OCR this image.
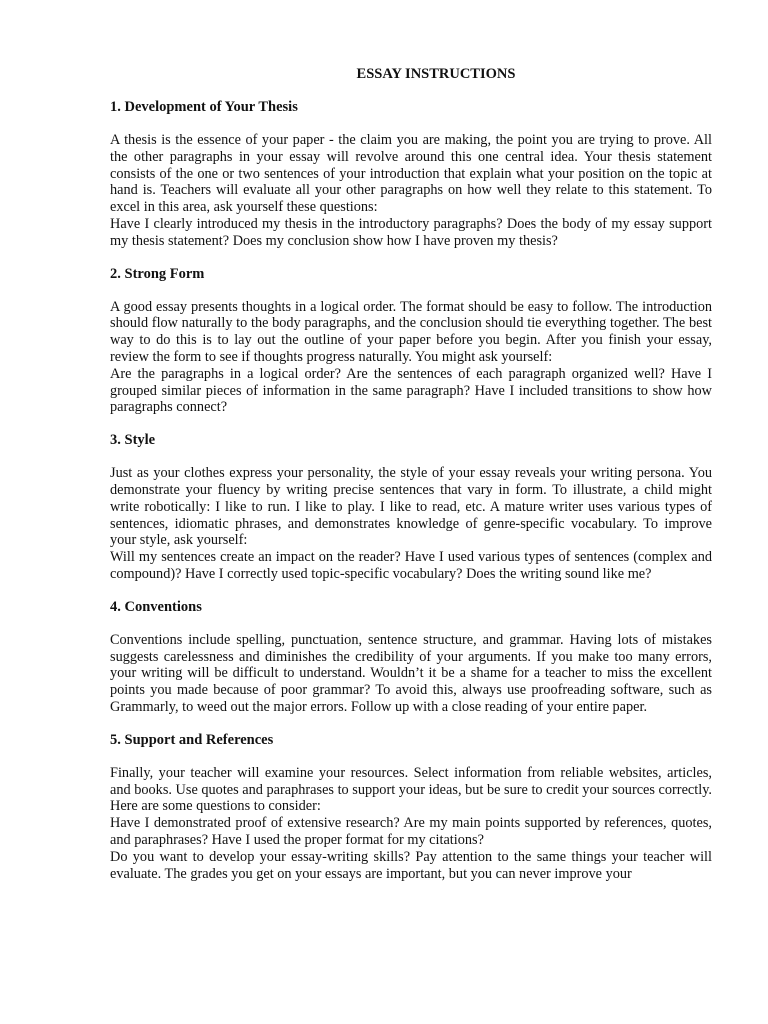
ESSAY INSTRUCTIONS
1. Development of Your Thesis

A thesis is the essence of your paper - the claim you are making, the point you are trying to prove. All the other paragraphs in your essay will revolve around this one central idea. Your thesis statement consists of the one or two sentences of your introduction that explain what your position on the topic at hand is. Teachers will evaluate all your other paragraphs on how well they relate to this statement. To excel in this area, ask yourself these questions:

Have I clearly introduced my thesis in the introductory paragraphs? Does the body of my essay support my thesis statement? Does my conclusion show how I have proven my thesis?

2. Strong Form

A good essay presents thoughts in a logical order. The format should be easy to follow. The introduction should flow naturally to the body paragraphs, and the conclusion should tie everything together. The best way to do this is to lay out the outline of your paper before you begin. After you finish your essay, review the form to see if thoughts progress naturally. You might ask yourself:

Are the paragraphs in a logical order? Are the sentences of each paragraph organized well? Have I grouped similar pieces of information in the same paragraph? Have I included transitions to show how paragraphs connect?

3. Style

Just as your clothes express your personality, the style of your essay reveals your writing persona. You demonstrate your fluency by writing precise sentences that vary in form. To illustrate, a child might write robotically: I like to run. I like to play. I like to read, etc. A mature writer uses various types of sentences, idiomatic phrases, and demonstrates knowledge of genre-specific vocabulary. To improve your style, ask yourself:

Will my sentences create an impact on the reader? Have I used various types of sentences (complex and compound)? Have I correctly used topic-specific vocabulary? Does the writing sound like me?

4. Conventions

Conventions include spelling, punctuation, sentence structure, and grammar. Having lots of mistakes suggests carelessness and diminishes the credibility of your arguments. If you make too many errors, your writing will be difficult to understand. Wouldn’t it be a shame for a teacher to miss the excellent points you made because of poor grammar? To avoid this, always use proofreading software, such as Grammarly, to weed out the major errors. Follow up with a close reading of your entire paper.

5. Support and References

Finally, your teacher will examine your resources. Select information from reliable websites, articles, and books. Use quotes and paraphrases to support your ideas, but be sure to credit your sources correctly. Here are some questions to consider:

Have I demonstrated proof of extensive research? Are my main points supported by references, quotes, and paraphrases? Have I used the proper format for my citations?

Do you want to develop your essay-writing skills? Pay attention to the same things your teacher will evaluate. The grades you get on your essays are important, but you can never improve your
